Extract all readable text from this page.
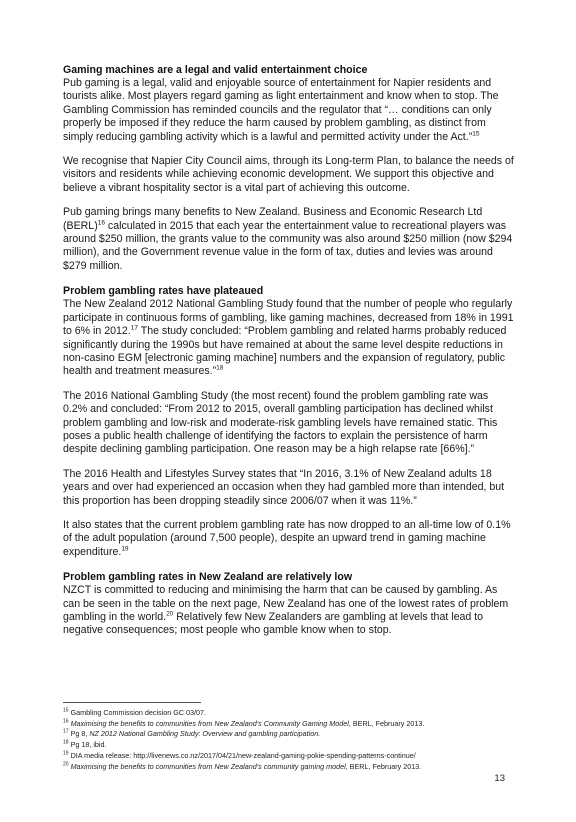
Gaming machines are a legal and valid entertainment choice

Pub gaming is a legal, valid and enjoyable source of entertainment for Napier residents and tourists alike. Most players regard gaming as light entertainment and know when to stop. The Gambling Commission has reminded councils and the regulator that “… conditions can only properly be imposed if they reduce the harm caused by problem gambling, as distinct from simply reducing gambling activity which is a lawful and permitted activity under the Act.”$^{15}$

We recognise that Napier City Council aims, through its Long-term Plan, to balance the needs of visitors and residents while achieving economic development. We support this objective and believe a vibrant hospitality sector is a vital part of achieving this outcome.

Pub gaming brings many benefits to New Zealand. Business and Economic Research Ltd (BERL)$^{16}$ calculated in 2015 that each year the entertainment value to recreational players was around $250 million, the grants value to the community was also around $250 million (now $294 million), and the Government revenue value in the form of tax, duties and levies was around $279 million.

Problem gambling rates have plateaued

The New Zealand 2012 National Gambling Study found that the number of people who regularly participate in continuous forms of gambling, like gaming machines, decreased from 18% in 1991 to 6% in 2012.17 The study concluded: “Problem gambling and related harms probably reduced significantly during the 1990s but have remained at about the same level despite reductions in non-casino EGM [electronic gaming machine] numbers and the expansion of regulatory, public health and treatment measures.”$^{18}$

The 2016 National Gambling Study (the most recent) found the problem gambling rate was 0.2% and concluded: “From 2012 to 2015, overall gambling participation has declined whilst problem gambling and low-risk and moderate-risk gambling levels have remained static. This poses a public health challenge of identifying the factors to explain the persistence of harm despite declining gambling participation. One reason may be a high relapse rate [66%].”

The 2016 Health and Lifestyles Survey states that “In 2016, 3.1% of New Zealand adults 18 years and over had experienced an occasion when they had gambled more than intended, but this proportion has been dropping steadily since 2006/07 when it was 11%.”

It also states that the current problem gambling rate has now dropped to an all-time low of 0.1% of the adult population (around 7,500 people), despite an upward trend in gaming machine expenditure.$^{19}$

Problem gambling rates in New Zealand are relatively low

NZCT is committed to reducing and minimising the harm that can be caused by gambling. As can be seen in the table on the next page, New Zealand has one of the lowest rates of problem gambling in the world.$^{20}$ Relatively few New Zealanders are gambling at levels that lead to negative consequences; most people who gamble know when to stop.

$^{15}$ Gambling Commission decision GC 03/07.
$^{16}$ Maximising the benefits to communities from New Zealand’s Community Gaming Model, BERL, February 2013.
$^{17}$ Pg 8, NZ 2012 National Gambling Study: Overview and gambling participation.
$^{18}$ Pg 18, ibid.
$^{19}$ DIA media release: http://livenews.co.nz/2017/04/21/new-zealand-gaming-pokie-spending-patterns-continue/
$^{20}$ Maximising the benefits to communities from New Zealand’s community gaming model, BERL, February 2013.
13
